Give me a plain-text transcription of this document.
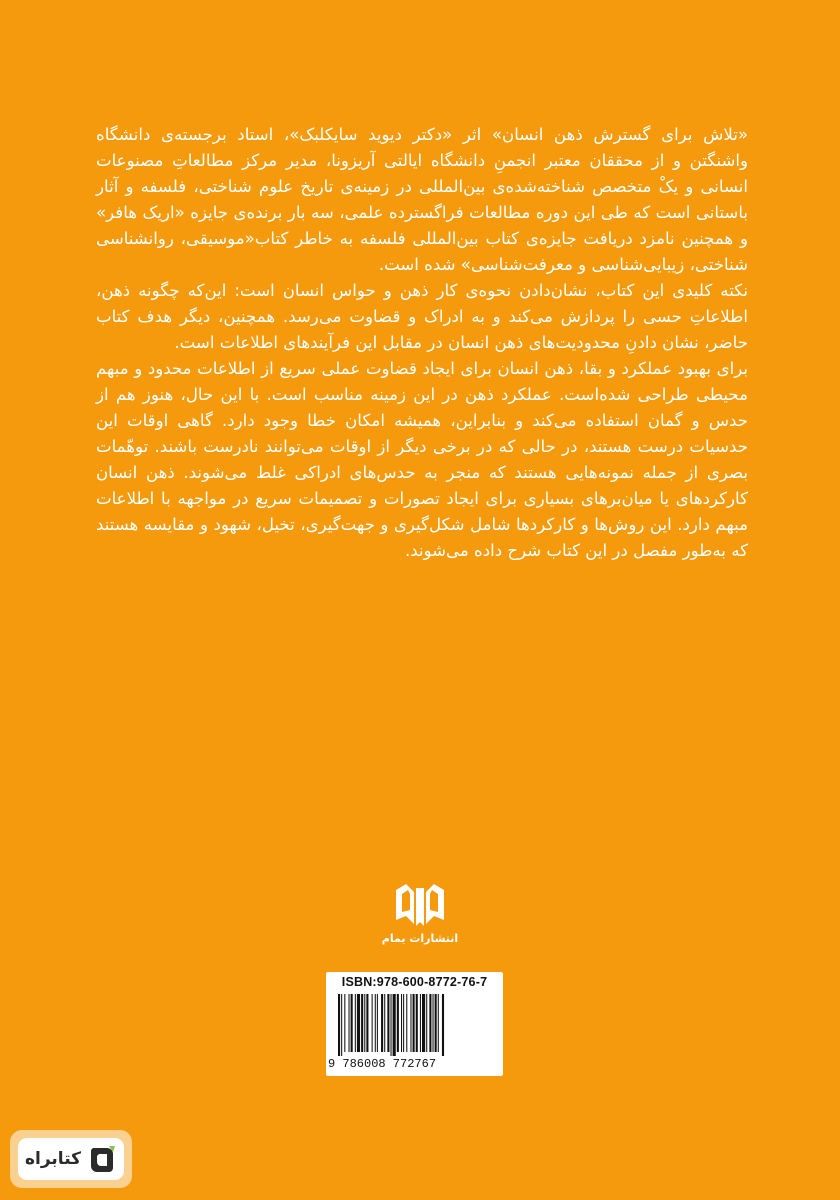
«تلاش برای گسترش ذهن انسان» اثر «دکتر دیوید سایکلبک»، استاد برجسته‌ی دانشگاه واشنگتن و از محققان معتبر انجمنِ دانشگاه ایالتی آریزونا، مدیر مرکز مطالعاتِ مصنوعات انسانی و یکْ متخصص شناخته‌شده‌ی بین‌المللی در زمینه‌ی تاریخ علوم شناختی، فلسفه و آثار باستانی است که طی این دوره مطالعات فراگسترده علمی، سه بار برنده‌ی جایزه «اریک هافر» و همچنین نامزد دریافت جایزه‌ی کتاب بین‌المللی فلسفه به خاطر کتاب«موسیقی، روانشناسی شناختی، زیبایی‌شناسی و معرفت‌شناسی» شده است.

نکته کلیدی این کتاب، نشان‌دادن نحوه‌ی کار ذهن و حواس انسان است: این‌که چگونه ذهن، اطلاعاتِ حسی را پردازش می‌کند و به ادراک و قضاوت می‌رسد. همچنین، دیگر هدف کتاب حاضر، نشان دادنِ محدودیت‌های ذهن انسان در مقابل این فرآیندهای اطلاعات است.

برای بهبود عملکرد و بقا، ذهن انسان برای ایجاد قضاوت عملی سریع از اطلاعات محدود و مبهم محیطی طراحی شده‌است. عملکرد ذهن در این زمینه مناسب است. با این حال، هنوز هم از حدس و گمان استفاده می‌کند و بنابراین، همیشه امکان خطا وجود دارد. گاهی اوقات این حدسیات درست هستند، در حالی که در برخی دیگر از اوقات می‌توانند نادرست باشند. توهّمات بصری از جمله نمونه‌هایی هستند که منجر به حدس‌های ادراکی غلط می‌شوند. ذهن انسان کارکردهای یا میان‌برهای بسیاری برای ایجاد تصورات و تصمیمات سریع در مواجهه با اطلاعات مبهم دارد. این روش‌ها و کارکردها شامل شکل‌گیری و جهت‌گیری، تخیل، شهود و مقایسه هستند که به‌طور مفصل در این کتاب شرح داده می‌شوند.

انتشارات یمام
ISBN:978-600-8772-76-7
9 786008 772767
کتابراه
